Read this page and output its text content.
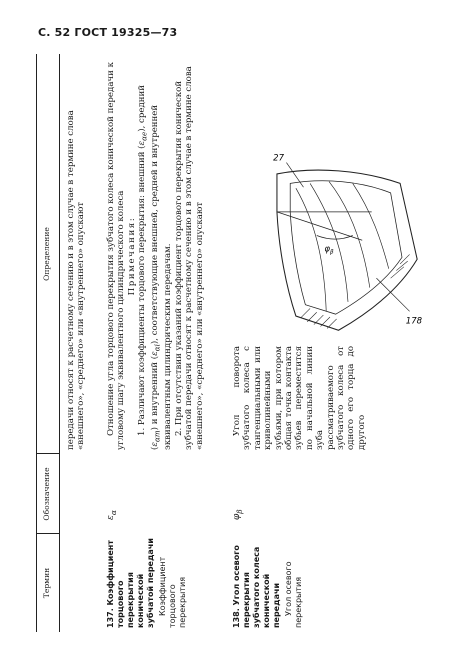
С. 52 ГОСТ 19325—73
Термин
Обозначение
Определение передачи относят к расчетному сечению и в этом случае в термине слова «внешнего», «среднего» или «внутреннего» опускают

137. Коэффициент торцового перекрытия конической зубчатой передачи Коэффициент торцового перекрытия
$\varepsilon_\alpha$

Отношение угла торцового перекрытия зубчатого колеса конической передачи к угловому шагу эквивалентного цилиндрического колеса Примечания: 1. Различают коэффициенты торцового перекрытия: внешний $(\varepsilon_{\alpha e})$, средний $(\varepsilon_{\alpha m})$ и внутренний $(\varepsilon_{\alpha i})$, соответствующие внешней, средней и внутренней эквивалентным цилиндрическим передачам. 2. При отсутствии указаний коэффициент торцового перекрытия конической зубчатой передачи относят к расчетному сечению и в этом случае в термине слова «внешнего», «среднего» или «внутреннего» опускают

138. Угол осевого перекрытия зубчатого колеса конической передачи Угол осевого перекрытия
$\varphi_\beta$

Угол поворота зубчатого колеса с тангенциальными или криволинейными зубьями, при котором общая точка контакта зубьев переместится по начальной линии зуба рассматриваемого зубчатого колеса от одного его торца до другого

27
178
$\varphi_\beta$
